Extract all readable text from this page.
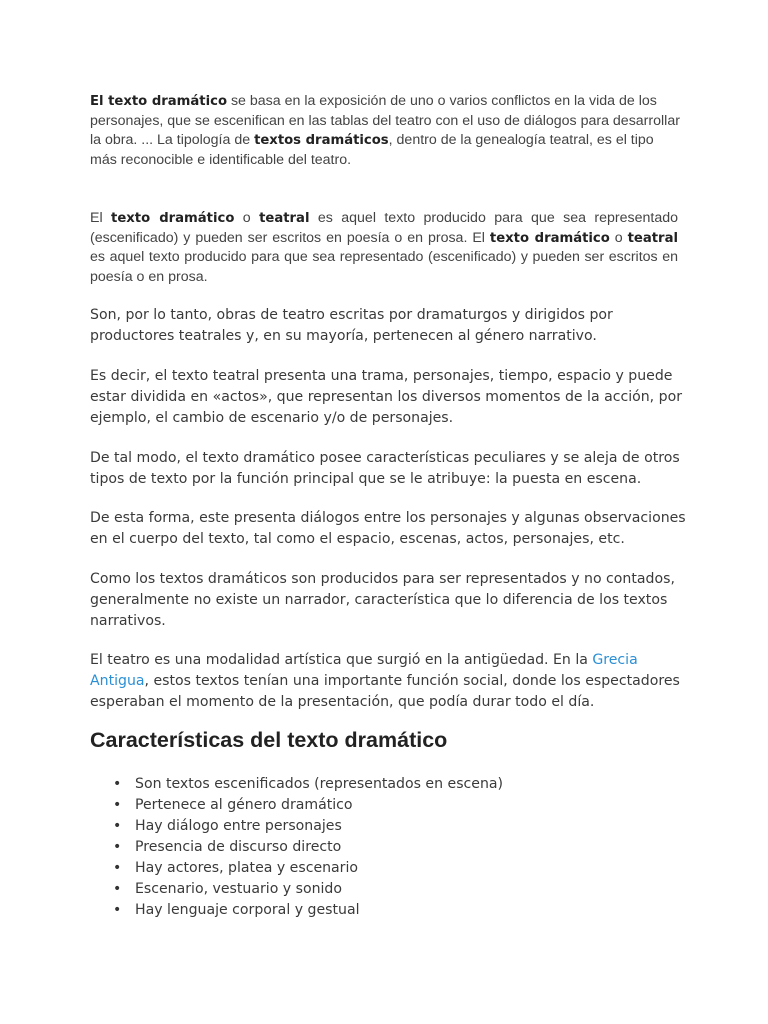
El texto dramático se basa en la exposición de uno o varios conflictos en la vida de los personajes, que se escenifican en las tablas del teatro con el uso de diálogos para desarrollar la obra. ... La tipología de textos dramáticos, dentro de la genealogía teatral, es el tipo más reconocible e identificable del teatro.

El texto dramático o teatral es aquel texto producido para que sea representado (escenificado) y pueden ser escritos en poesía o en prosa. El texto dramático o teatral es aquel texto producido para que sea representado (escenificado) y pueden ser escritos en poesía o en prosa.

Son, por lo tanto, obras de teatro escritas por dramaturgos y dirigidos por productores teatrales y, en su mayoría, pertenecen al género narrativo.

Es decir, el texto teatral presenta una trama, personajes, tiempo, espacio y puede estar dividida en «actos», que representan los diversos momentos de la acción, por ejemplo, el cambio de escenario y/o de personajes.

De tal modo, el texto dramático posee características peculiares y se aleja de otros tipos de texto por la función principal que se le atribuye: la puesta en escena.

De esta forma, este presenta diálogos entre los personajes y algunas observaciones en el cuerpo del texto, tal como el espacio, escenas, actos, personajes, etc.

Como los textos dramáticos son producidos para ser representados y no contados, generalmente no existe un narrador, característica que lo diferencia de los textos narrativos.

El teatro es una modalidad artística que surgió en la antigüedad. En la Grecia Antigua, estos textos tenían una importante función social, donde los espectadores esperaban el momento de la presentación, que podía durar todo el día.

Características del texto dramático
• Son textos escenificados (representados en escena)
• Pertenece al género dramático
• Hay diálogo entre personajes
• Presencia de discurso directo
• Hay actores, platea y escenario
• Escenario, vestuario y sonido
• Hay lenguaje corporal y gestual
